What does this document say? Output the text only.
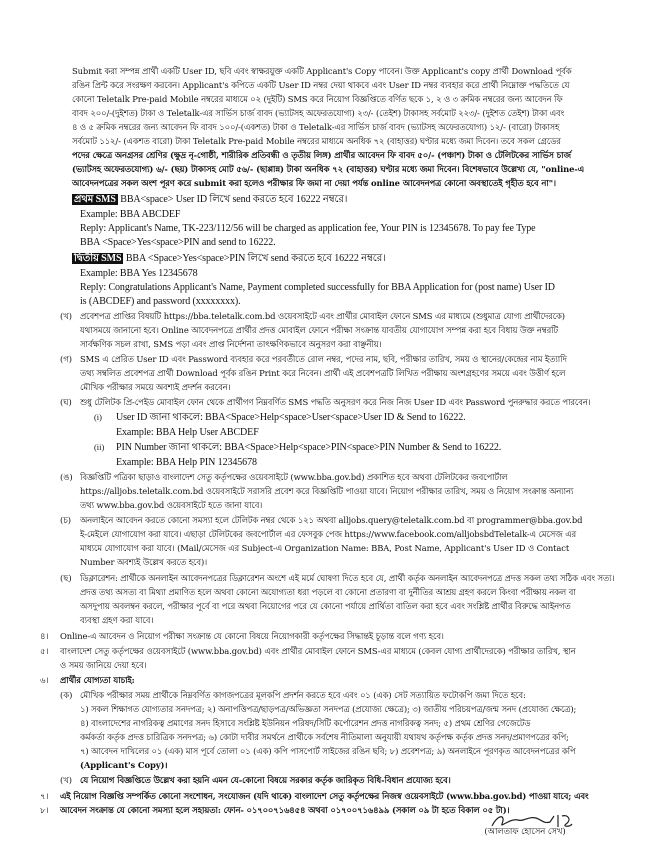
Submit করা সম্পন্ন প্রার্থী একটি User ID, ছবি এবং স্বাক্ষরযুক্ত একটি Applicant's Copy পাবেন। উক্ত Applicant's copy প্রার্থী Download পূর্বক
রঙিন প্রিন্ট করে সংরক্ষণ করবেন। Applicant's কপিতে একটি User ID নম্বর দেয়া থাকবে এবং User ID নম্বর ব্যবহার করে প্রার্থী নিম্নোক্ত পদ্ধতিতে যে
কোনো Teletalk Pre-paid Mobile নম্বরের মাধ্যমে ০২ (দুইটি) SMS করে নিয়োগ বিজ্ঞপ্তিতে বর্ণিত ছকে ১, ২ ও ৩ ক্রমিক নম্বরের জন্য আবেদন ফি
বাবদ ২০০/-(দুইশত) টাকা ও Teletalk-এর সার্ভিস চার্জ বাবদ (ভ্যাটসহ অফেরতযোগ্য) ২৩/- (তেইশ) টাকাসহ সর্বমোট ২২৩/- (দুইশত তেইশ) টাকা এবং
৪ ও ৫ ক্রমিক নম্বরের জন্য আবেদন ফি বাবদ ১০০/-(একশত) টাকা ও Teletalk-এর সার্ভিস চার্জ বাবদ (ভ্যাটসহ অফেরতযোগ্য) ১২/- (বারো) টাকাসহ
সর্বমোট ১১২/- (একশত বারো) টাকা Teletalk Pre-paid Mobile নম্বরের মাধ্যমে অনধিক ৭২ (বাহাত্তর) ঘণ্টার মধ্যে জমা দিবেন। তবে সকল গ্রেডের
পদের ক্ষেত্রে অনগ্রসর শ্রেণির (ক্ষুদ্র নৃ-গোষ্ঠী, শারীরিক প্রতিবন্ধী ও তৃতীয় লিঙ্গ) প্রার্থীর আবেদন ফি বাবদ ৫০/- (পঞ্চাশ) টাকা ও টেলিটকের সার্ভিস চার্জ
(ভ্যাটসহ অফেরতযোগ্য) ৬/- (ছয়) টাকাসহ মোট ৫৬/- (ছাপ্পান্ন) টাকা অনধিক ৭২ (বাহাত্তর) ঘণ্টার মধ্যে জমা দিবেন। বিশেষভাবে উল্লেখ্য যে, "online-এ
আবেদনপত্রের সকল অংশ পূরণ করে submit করা হলেও পরীক্ষার ফি জমা না দেয়া পর্যন্ত online আবেদনপত্র কোনো অবস্থাতেই গৃহীত হবে না"।
প্রথম SMS BBA<space> User ID লিখে send করতে হবে 16222 নম্বরে।
Example: BBA ABCDEF
Reply: Applicant's Name, TK-223/112/56 will be charged as application fee, Your PIN is 12345678. To pay fee Type
BBA <Space>Yes<space>PIN and send to 16222.
দ্বিতীয় SMS BBA <Space>Yes<space>PIN লিখে send করতে হবে 16222 নম্বরে।
Example: BBA Yes 12345678
Reply: Congratulations Applicant's Name, Payment completed successfully for BBA Application for (post name) User ID
is (ABCDEF) and password (xxxxxxxx).
(খ) প্রবেশপত্র প্রাপ্তির বিষয়টি https://bba.teletalk.com.bd ওয়েবসাইটে এবং প্রার্থীর মোবাইল ফোনে SMS এর মাধ্যমে (শুধুমাত্র যোগ্য প্রার্থীদেরকে)
যথাসময়ে জানানো হবে। Online আবেদনপত্রে প্রার্থীর প্রদত্ত মোবাইল ফোনে পরীক্ষা সংক্রান্ত যাবতীয় যোগাযোগ সম্পন্ন করা হবে বিধায় উক্ত নম্বরটি
সার্বক্ষণিক সচল রাখা, SMS পড়া এবং প্রাপ্ত নির্দেশনা তাৎক্ষণিকভাবে অনুসরণ করা বাঞ্ছনীয়।
(গ) SMS এ প্রেরিত User ID এবং Password ব্যবহার করে পরবর্তীতে রোল নম্বর, পদের নাম, ছবি, পরীক্ষার তারিখ, সময় ও স্থানের/কেন্দ্রের নাম ইত্যাদি
তথ্য সম্বলিত প্রবেশপত্র প্রার্থী Download পূর্বক রঙিন Print করে নিবেন। প্রার্থী এই প্রবেশপত্রটি লিখিত পরীক্ষায় অংশগ্রহণের সময়ে এবং উত্তীর্ণ হলে
মৌখিক পরীক্ষার সময়ে অবশ্যই প্রদর্শন করবেন।
(ঘ) শুধু টেলিটক প্রি-পেইড মোবাইল ফোন থেকে প্রার্থীগণ নিম্নবর্ণিত SMS পদ্ধতি অনুসরণ করে নিজ নিজ User ID এবং Password পুনরুদ্ধার করতে পারবেন।
(i) User ID জানা থাকলে: BBA<Space>Help<space>User<space>User ID & Send to 16222.
Example: BBA Help User ABCDEF
(ii) PIN Number জানা থাকলে: BBA<Space>Help<space>PIN<space>PIN Number & Send to 16222.
Example: BBA Help PIN 12345678
(ঙ) বিজ্ঞপ্তিটি পত্রিকা ছাড়াও বাংলাদেশ সেতু কর্তৃপক্ষের ওয়েবসাইটে (www.bba.gov.bd) প্রকাশিত হবে অথবা টেলিটকের জবপোর্টাল
https://alljobs.teletalk.com.bd ওয়েবসাইটে সরাসরি প্রবেশ করে বিজ্ঞপ্তিটি পাওয়া যাবে। নিয়োগ পরীক্ষার তারিখ, সময় ও নিয়োগ সংক্রান্ত অন্যান্য
তথ্য www.bba.gov.bd ওয়েবসাইটে হতে জানা যাবে।
(চ) অনলাইনে আবেদন করতে কোনো সমস্যা হলে টেলিটক নম্বর থেকে ১২১ অথবা alljobs.query@teletalk.com.bd বা programmer@bba.gov.bd
ই-মেইলে যোগাযোগ করা যাবে। এছাড়া টেলিটকের জবপোর্টাল এর ফেসবুক পেজ https://www.facebook.com/alljobsbdTeletalk-এ মেসেজ এর
মাধ্যমে যোগাযোগ করা যাবে। (Mail/মেসেজ এর Subject-এ Organization Name: BBA, Post Name, Applicant's User ID ও Contact
Number অবশ্যই উল্লেখ করতে হবে)।
(ছ) ডিক্লারেশন: প্রার্থীকে অনলাইন আবেদনপত্রের ডিক্লারেশন অংশে এই মর্মে ঘোষণা দিতে হবে যে, প্রার্থী কর্তৃক অনলাইন আবেদনপত্রে প্রদত্ত সকল তথ্য সঠিক এবং সত্য।
প্রদত্ত তথ্য অসত্য বা মিথ্যা প্রমাণিত হলে অথবা কোনো অযোগ্যতা ধরা পড়লে বা কোনো প্রতারণা বা দুর্নীতির আশ্রয় গ্রহণ করলে কিংবা পরীক্ষায় নকল বা
অসদুপায় অবলম্বন করলে, পরীক্ষার পূর্বে বা পরে অথবা নিয়োগের পরে যে কোনো পর্যায়ে প্রার্থিতা বাতিল করা হবে এবং সংশ্লিষ্ট প্রার্থীর বিরুদ্ধে আইনগত
ব্যবস্থা গ্রহণ করা যাবে।
৪। Online-এ আবেদন ও নিয়োগ পরীক্ষা সংক্রান্ত যে কোনো বিষয়ে নিয়োগকারী কর্তৃপক্ষের সিদ্ধান্তই চূড়ান্ত বলে গণ্য হবে।
৫। বাংলাদেশ সেতু কর্তৃপক্ষের ওয়েবসাইটে (www.bba.gov.bd) এবং প্রার্থীর মোবাইল ফোনে SMS-এর মাধ্যমে (কেবল যোগ্য প্রার্থীদেরকে) পরীক্ষার তারিখ, স্থান
ও সময় জানিয়ে দেয়া হবে।
৬। প্রার্থীর যোগ্যতা যাচাই:
(ক) মৌখিক পরীক্ষার সময় প্রার্থীকে নিম্নবর্ণিত কাগজপত্রের মূলকপি প্রদর্শন করতে হবে এবং ০১ (এক) সেট সত্যায়িত ফটোকপি জমা দিতে হবে:
১) সকল শিক্ষাগত যোগ্যতার সনদপত্র; ২) অনাপত্তিপত্র/ছাড়পত্র/অভিজ্ঞতা সনদপত্র (প্রযোজ্য ক্ষেত্রে); ৩) জাতীয় পরিচয়পত্র/জন্ম সনদ (প্রযোজ্য ক্ষেত্রে);
৪) বাংলাদেশের নাগরিকত্ব প্রমাণের সনদ হিসাবে সংশ্লিষ্ট ইউনিয়ন পরিষদ/সিটি কর্পোরেশন প্রদত্ত নাগরিকত্ব সনদ; ৫) প্রথম শ্রেণির গেজেটেড
কর্মকর্তা কর্তৃক প্রদত্ত চারিত্রিক সনদপত্র; ৬) কোটা দাবীর সমর্থনে প্রার্থীকে সর্বশেষ নীতিমালা অনুযায়ী যথাযথ কর্তৃপক্ষ কর্তৃক প্রদত্ত সনদ/প্রমাণপত্রের কপি;
৭) আবেদন দাখিলের ০১ (এক) মাস পূর্বে তোলা ০১ (এক) কপি পাসপোর্ট সাইজের রঙিন ছবি; ৮) প্রবেশপত্র; ৯) অনলাইনে পূরণকৃত আবেদনপত্রের কপি
(Applicant's Copy)।
(খ) যে নিয়োগ বিজ্ঞপ্তিতে উল্লেখ করা হয়নি এমন যে-কোনো বিষয়ে সরকার কর্তৃক জারিকৃত বিধি-বিধান প্রযোজ্য হবে।
৭। এই নিয়োগ বিজ্ঞপ্তি সম্পর্কিত কোনো সংশোধন, সংযোজন (যদি থাকে) বাংলাদেশ সেতু কর্তৃপক্ষের নিজস্ব ওয়েবসাইটে (www.bba.gov.bd) পাওয়া যাবে; এবং
৮। আবেদন সংক্রান্ত যে কোনো সমস্যা হলে সহায়তা: ফোন- ০১৭০০৭১৬৪৫৪ অথবা ০১৭০০৭১৬৪৯৯ (সকাল ০৯ টা হতে বিকাল ০৫ টা)।
(আলতাফ হোসেন সেখ)
